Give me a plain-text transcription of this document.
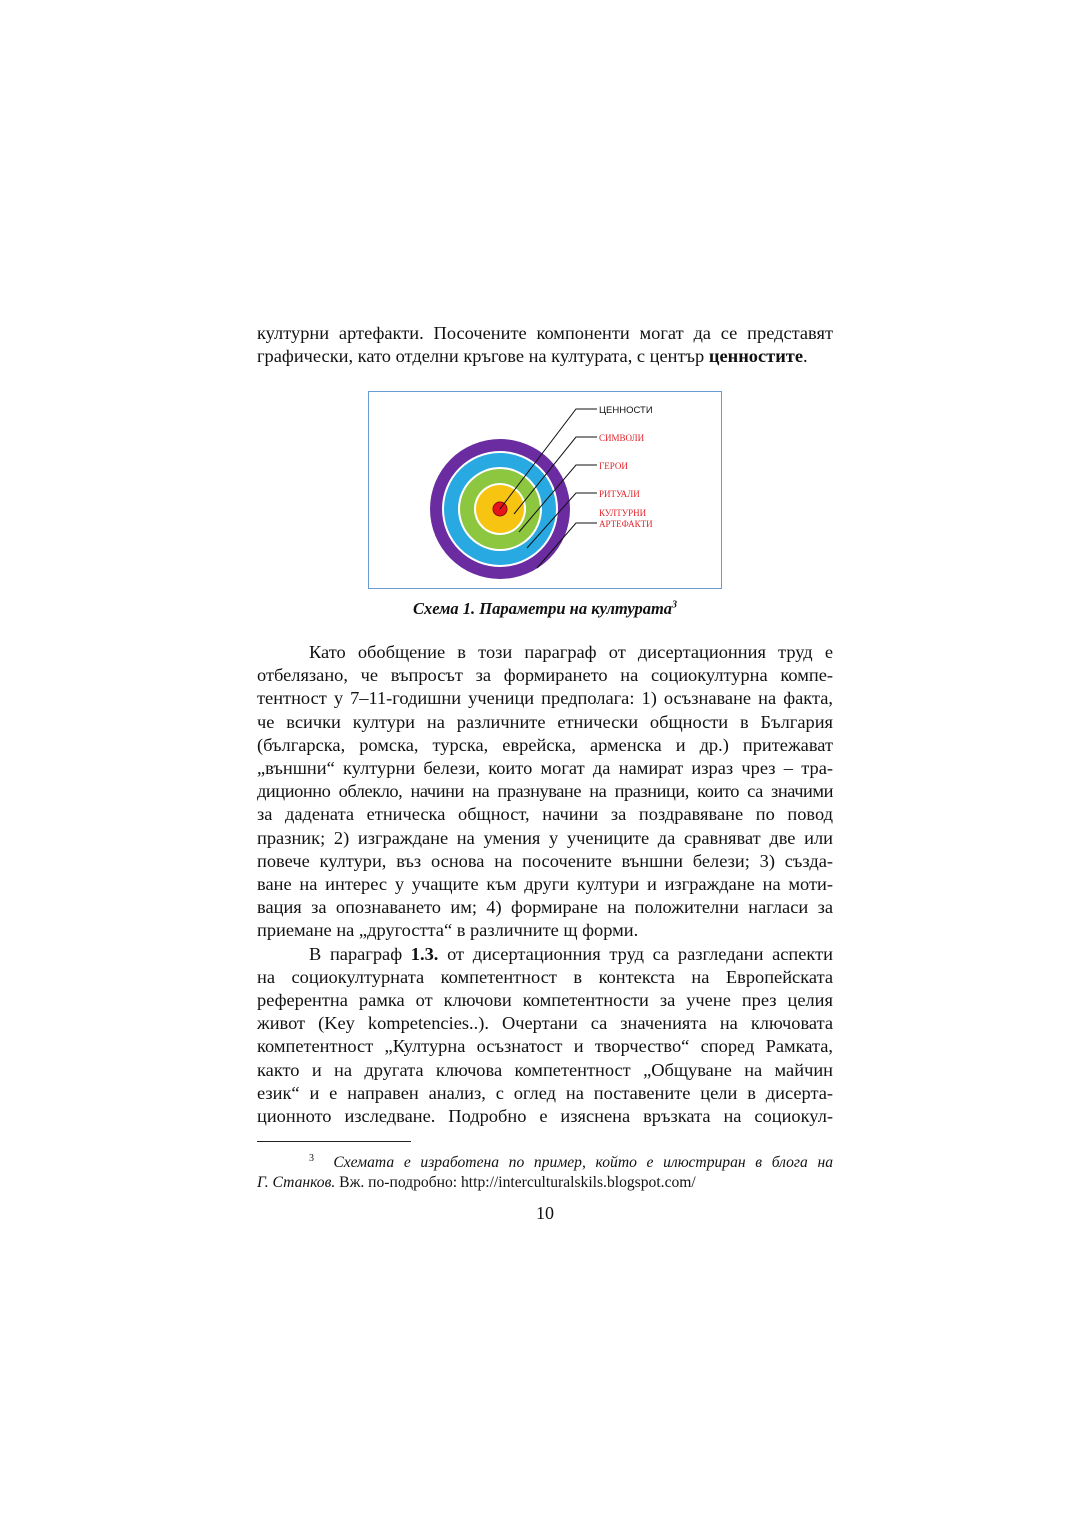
културни артефакти. Посочените компоненти могат да се представят
графически, като отделни кръгове на културата, с център ценностите.

ЦЕННОСТИ
СИМВОЛИ
ГЕРОИ
РИТУАЛИ
КУЛТУРНИ
АРТЕФАКТИ
Схема 1. Параметри на културата$^3$

Като обобщение в този параграф от дисертационния труд е
отбелязано, че въпросът за формирането на социокултурна компе-
тентност у 7–11-годишни ученици предполага: 1) осъзнаване на факта,
че всички култури на различните етнически общности в България
(българска, ромска, турска, еврейска, арменска и др.) притежават
„външни“ културни белези, които могат да намират израз чрез – тра-
диционно облекло, начини на празнуване на празници, които са значими
за дадената етническа общност, начини за поздравяване по повод
празник; 2) изграждане на умения у учениците да сравняват две или
повече култури, въз основа на посочените външни белези; 3) създа-
ване на интерес у учащите към други култури и изграждане на моти-
вация за опознаването им; 4) формиране на положителни нагласи за
приемане на „другостта“ в различните щ форми.

В параграф 1.3. от дисертационния труд са разгледани аспекти
на социокултурната компетентност в контекста на Европейската
референтна рамка от ключови компетентности за учене през целия
живот (Key kompetencies..). Очертани са значенията на ключовата
компетентност „Културна осъзнатост и творчество“ според Рамката,
както и на другата ключова компетентност „Общуване на майчин
език“ и е направен анализ, с оглед на поставените цели в дисерта-
ционното изследване. Подробно е изяснена връзката на социокул-

$^3$ Схемата е изработена по пример, който е илюстриран в блога на
Г. Станков. Вж. по-подробно: http://interculturalskils.blogspot.com/
10
